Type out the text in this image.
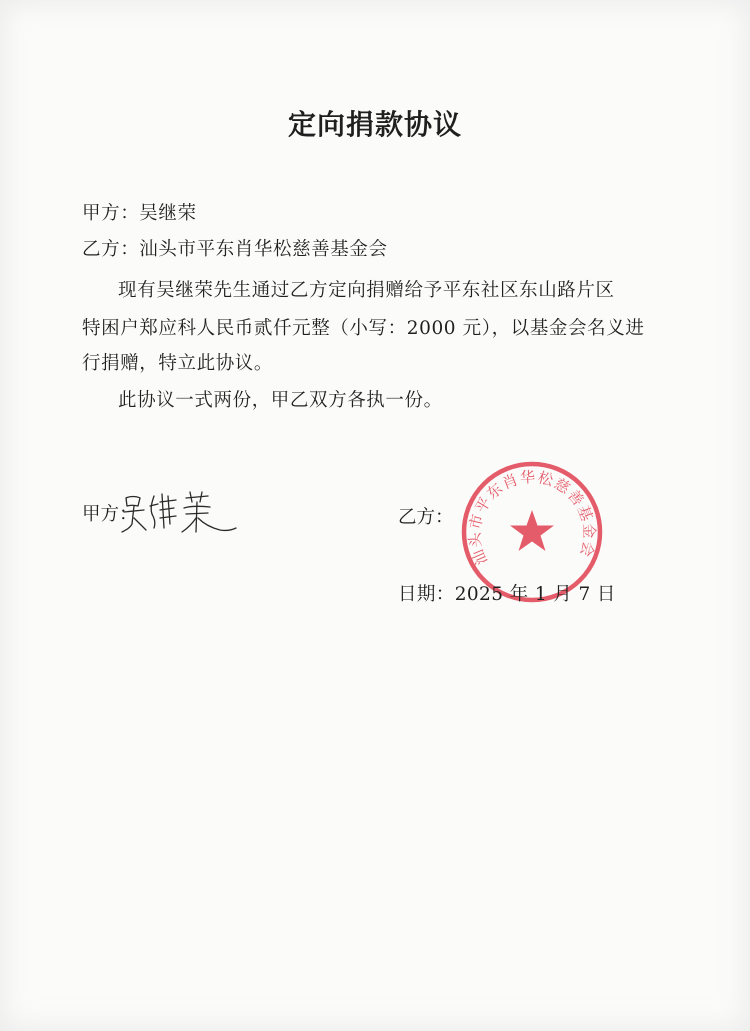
定向捐款协议
甲方：吴继荣
乙方：汕头市平东肖华松慈善基金会
现有吴继荣先生通过乙方定向捐赠给予平东社区东山路片区
特困户郑应科人民币贰仟元整（小写：2000 元），以基金会名义进
行捐赠，特立此协议。
此协议一式两份，甲乙双方各执一份。
甲方：	乙方：
汕头市平东肖华松慈善基金会
日期：2025 年 1 月 7 日
